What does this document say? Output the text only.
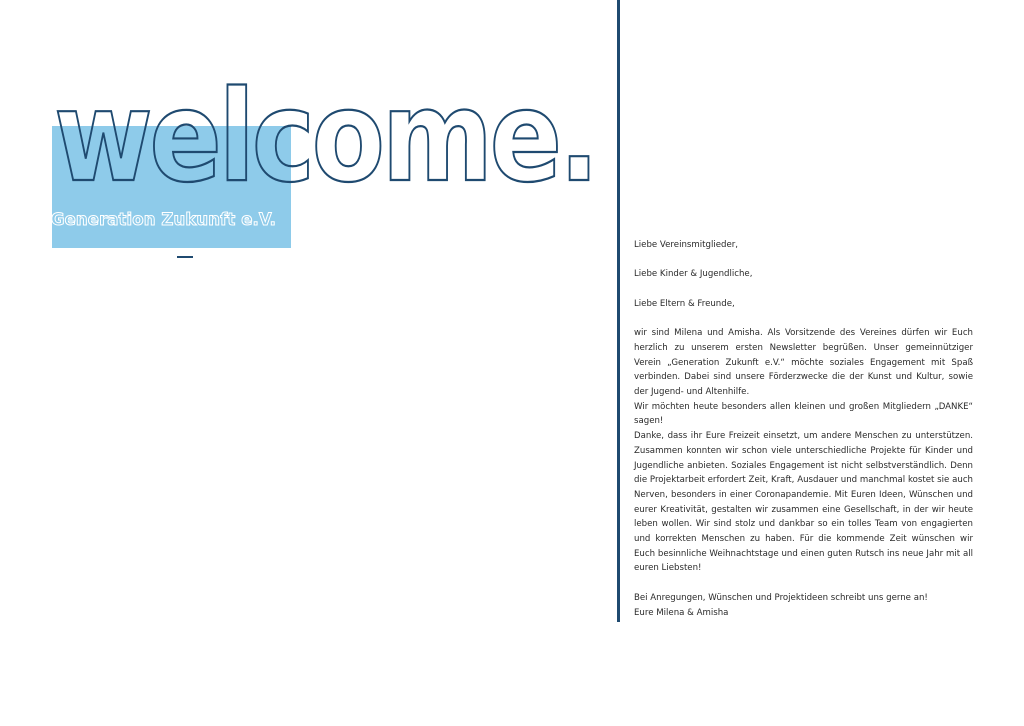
welcome.
Generation Zukunft e.V.

Liebe Vereinsmitglieder,

Liebe Kinder & Jugendliche,

Liebe Eltern & Freunde,

wir sind Milena und Amisha. Als Vorsitzende des Vereines dürfen wir Euch herzlich zu unserem ersten Newsletter begrüßen. Unser gemeinnütziger Verein „Generation Zukunft e.V.“ möchte soziales Engagement mit Spaß verbinden. Dabei sind unsere Förderzwecke die der Kunst und Kultur, sowie der Jugend- und Altenhilfe.

Wir möchten heute besonders allen kleinen und großen Mitgliedern „DANKE“ sagen!

Danke, dass ihr Eure Freizeit einsetzt, um andere Menschen zu unterstützen. Zusammen konnten wir schon viele unterschiedliche Projekte für Kinder und Jugendliche anbieten. Soziales Engagement ist nicht selbstverständlich. Denn die Projektarbeit erfordert Zeit, Kraft, Ausdauer und manchmal kostet sie auch Nerven, besonders in einer Coronapandemie. Mit Euren Ideen, Wünschen und eurer Kreativität, gestalten wir zusammen eine Gesellschaft, in der wir heute leben wollen. Wir sind stolz und dankbar so ein tolles Team von engagierten und korrekten Menschen zu haben. Für die kommende Zeit wünschen wir Euch besinnliche Weihnachtstage und einen guten Rutsch ins neue Jahr mit all euren Liebsten!

Bei Anregungen, Wünschen und Projektideen schreibt uns gerne an!

Eure Milena & Amisha
